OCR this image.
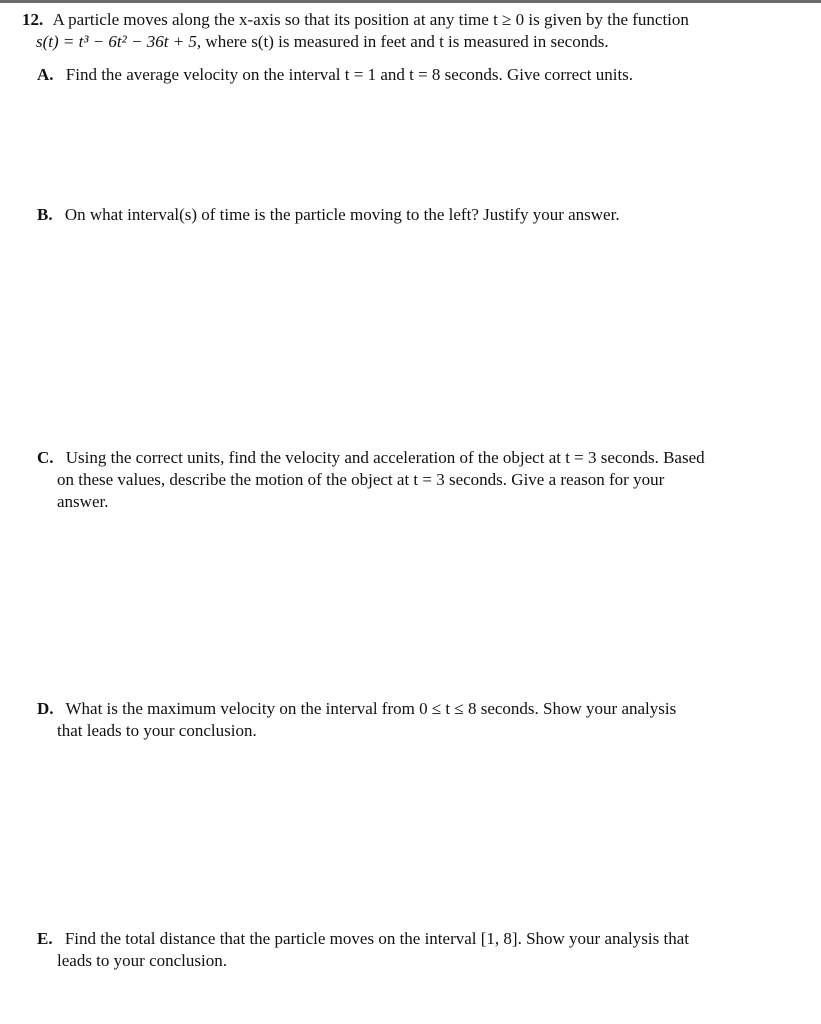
12. A particle moves along the x-axis so that its position at any time t ≥ 0 is given by the function
s(t) = t³ − 6t² − 36t + 5, where s(t) is measured in feet and t is measured in seconds.
A. Find the average velocity on the interval t = 1 and t = 8 seconds. Give correct units.
B. On what interval(s) of time is the particle moving to the left? Justify your answer.
C. Using the correct units, find the velocity and acceleration of the object at t = 3 seconds. Based
on these values, describe the motion of the object at t = 3 seconds. Give a reason for your
answer.
D. What is the maximum velocity on the interval from 0 ≤ t ≤ 8 seconds. Show your analysis
that leads to your conclusion.
E. Find the total distance that the particle moves on the interval [1, 8]. Show your analysis that
leads to your conclusion.
